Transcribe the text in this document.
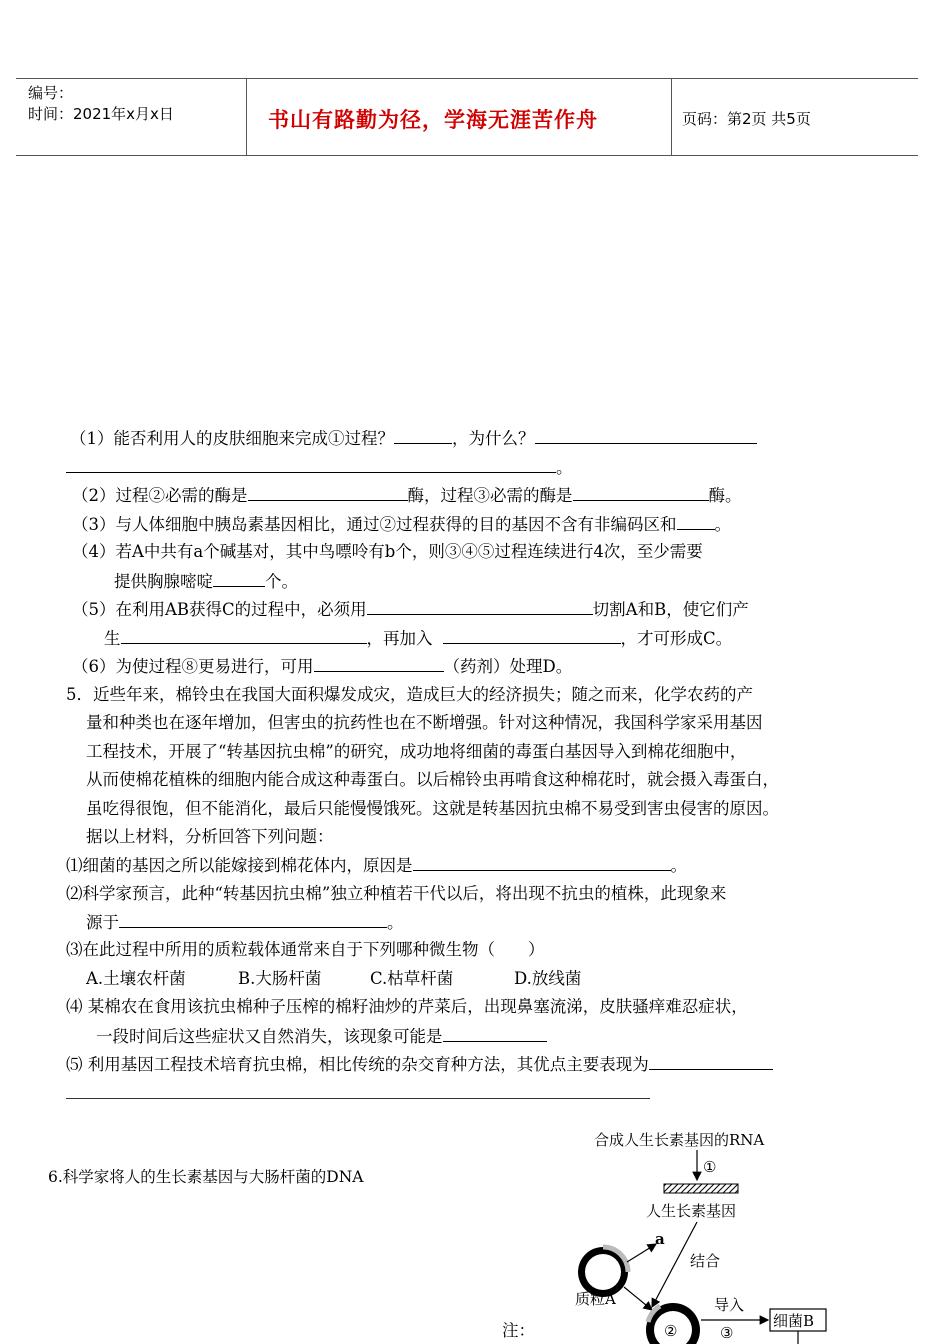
编号：
时间：2021年x月x日	书山有路勤为径，学海无涯苦作舟	页码：第2页 共5页
（1）能否利用人的皮肤细胞来完成①过程？	，为什么？
。
（2）过程②必需的酶是	酶，过程③必需的酶是	酶。
（3）与人体细胞中胰岛素基因相比，通过②过程获得的目的基因不含有非编码区和 。
（4）若A中共有a个碱基对，其中鸟嘌呤有b个，则③④⑤过程连续进行4次，至少需要
提供胸腺嘧啶	个。
（5）在利用AB获得C的过程中，必须用	切割A和B，使它们产
生	，再加入	，才可形成C。
（6）为使过程⑧更易进行，可用	（药剂）处理D。
5．近些年来，棉铃虫在我国大面积爆发成灾，造成巨大的经济损失；随之而来，化学农药的产
量和种类也在逐年增加，但害虫的抗药性也在不断增强。针对这种情况，我国科学家采用基因
工程技术，开展了“转基因抗虫棉”的研究，成功地将细菌的毒蛋白基因导入到棉花细胞中，
从而使棉花植株的细胞内能合成这种毒蛋白。以后棉铃虫再啃食这种棉花时，就会摄入毒蛋白，
虽吃得很饱，但不能消化，最后只能慢慢饿死。这就是转基因抗虫棉不易受到害虫侵害的原因。
据以上材料，分析回答下列问题：
⑴细菌的基因之所以能嫁接到棉花体内，原因是	。
⑵科学家预言，此种“转基因抗虫棉”独立种植若干代以后，将出现不抗虫的植株，此现象来
源于	。
⑶在此过程中所用的质粒载体通常来自于下列哪种微生物（　　）
A.土壤农杆菌	B.大肠杆菌	C.枯草杆菌	D.放线菌
⑷ 某棉农在食用该抗虫棉种子压榨的棉籽油炒的芹菜后，出现鼻塞流涕，皮肤骚痒难忍症状，
一段时间后这些症状又自然消失，该现象可能是
⑸ 利用基因工程技术培育抗虫棉，相比传统的杂交育种方法，其优点主要表现为
6.科学家将人的生长素基因与大肠杆菌的DNA
注：
合成人生长素基因的RNA
①
人生长素基因
结合
a
质粒A
②
导入
③
细菌B
